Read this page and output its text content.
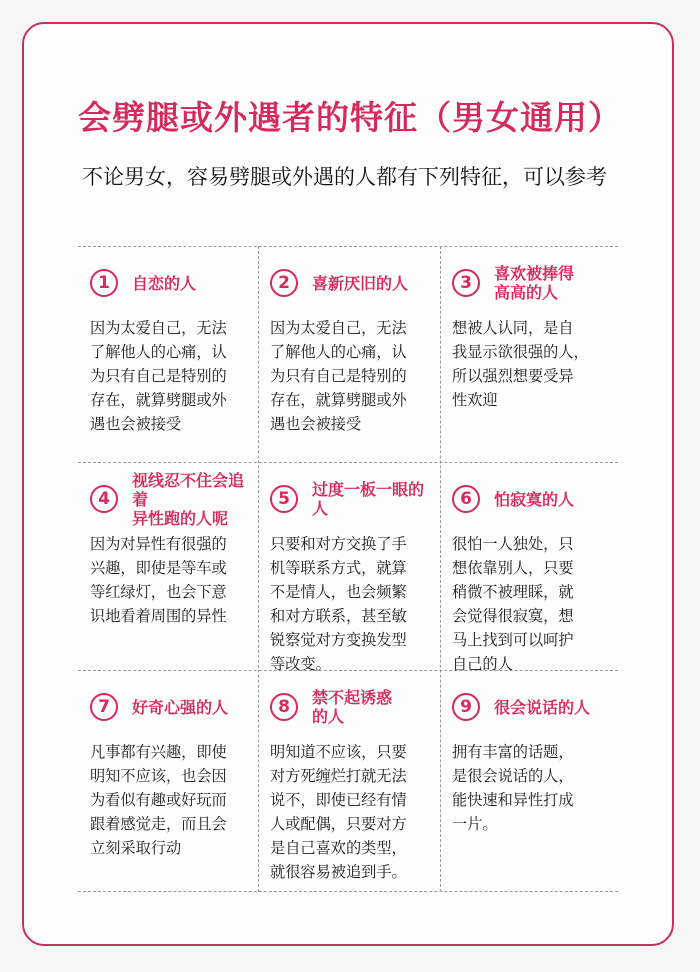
会劈腿或外遇者的特征（男女通用）
不论男女，容易劈腿或外遇的人都有下列特征，可以参考
1	自恋的人
因为太爱自己，无法
了解他人的心痛，认
为只有自己是特别的
存在，就算劈腿或外
遇也会被接受
2	喜新厌旧的人
因为太爱自己，无法
了解他人的心痛，认
为只有自己是特别的
存在，就算劈腿或外
遇也会被接受
3	喜欢被捧得
高高的人
想被人认同，是自
我显示欲很强的人，
所以强烈想要受异
性欢迎
4
视线忍不住会追着
异性跑的人呢
因为对异性有很强的
兴趣，即使是等车或
等红绿灯，也会下意
识地看着周围的异性
5	过度一板一眼的
人
只要和对方交换了手
机等联系方式，就算
不是情人，也会频繁
和对方联系，甚至敏
锐察觉对方变换发型
等改变。
6	怕寂寞的人
很怕一人独处，只
想依靠别人，只要
稍微不被理睬，就
会觉得很寂寞，想
马上找到可以呵护
自己的人
7	好奇心强的人
凡事都有兴趣，即使
明知不应该，也会因
为看似有趣或好玩而
跟着感觉走，而且会
立刻采取行动
8	禁不起诱惑
的人
明知道不应该，只要
对方死缠烂打就无法
说不，即使已经有情
人或配偶，只要对方
是自己喜欢的类型，
就很容易被追到手。
9	很会说话的人
拥有丰富的话题，
是很会说话的人，
能快速和异性打成
一片。
